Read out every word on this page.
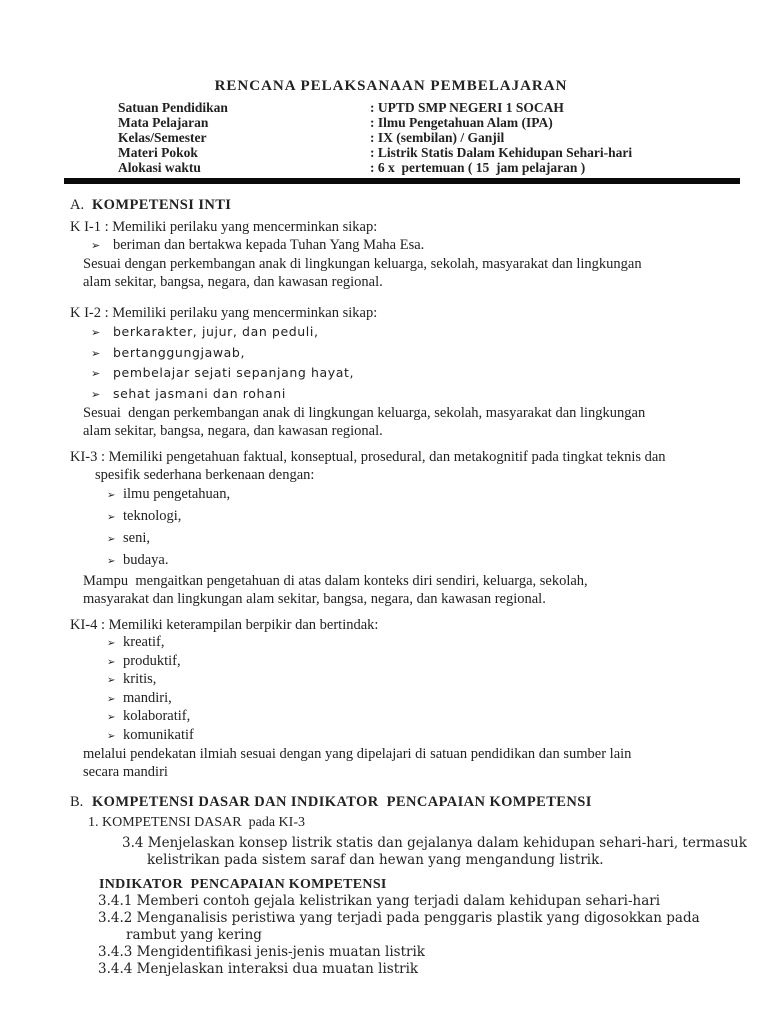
RENCANA PELAKSANAAN PEMBELAJARAN
Satuan Pendidikan	: UPTD SMP NEGERI 1 SOCAH
Mata Pelajaran	: Ilmu Pengetahuan Alam (IPA)
Kelas/Semester	: IX (sembilan) / Ganjil
Materi Pokok	: Listrik Statis Dalam Kehidupan Sehari-hari
Alokasi waktu	: 6 x  pertemuan ( 15  jam pelajaran )
A. KOMPETENSI INTI
K I-1 : Memiliki perilaku yang mencerminkan sikap:
➢ beriman dan bertakwa kepada Tuhan Yang Maha Esa.
Sesuai dengan perkembangan anak di lingkungan keluarga, sekolah, masyarakat dan lingkungan
alam sekitar, bangsa, negara, dan kawasan regional.
K I-2 : Memiliki perilaku yang mencerminkan sikap:
➢ berkarakter, jujur, dan peduli,
➢ bertanggungjawab,
➢ pembelajar sejati sepanjang hayat,
➢ sehat jasmani dan rohani
Sesuai  dengan perkembangan anak di lingkungan keluarga, sekolah, masyarakat dan lingkungan
alam sekitar, bangsa, negara, dan kawasan regional.
KI-3 : Memiliki pengetahuan faktual, konseptual, prosedural, dan metakognitif pada tingkat teknis dan
spesifik sederhana berkenaan dengan:
➢ ilmu pengetahuan,
➢ teknologi,
➢ seni,
➢ budaya.
Mampu  mengaitkan pengetahuan di atas dalam konteks diri sendiri, keluarga, sekolah,
masyarakat dan lingkungan alam sekitar, bangsa, negara, dan kawasan regional.
KI-4 : Memiliki keterampilan berpikir dan bertindak:
➢ kreatif,
➢ produktif,
➢ kritis,
➢ mandiri,
➢ kolaboratif,
➢ komunikatif
melalui pendekatan ilmiah sesuai dengan yang dipelajari di satuan pendidikan dan sumber lain
secara mandiri
B. KOMPETENSI DASAR DAN INDIKATOR  PENCAPAIAN KOMPETENSI
1. KOMPETENSI DASAR  pada KI-3
3.4 Menjelaskan konsep listrik statis dan gejalanya dalam kehidupan sehari-hari, termasuk
kelistrikan pada sistem saraf dan hewan yang mengandung listrik.
INDIKATOR  PENCAPAIAN KOMPETENSI
3.4.1 Memberi contoh gejala kelistrikan yang terjadi dalam kehidupan sehari-hari
3.4.2 Menganalisis peristiwa yang terjadi pada penggaris plastik yang digosokkan pada
rambut yang kering
3.4.3 Mengidentifikasi jenis-jenis muatan listrik
3.4.4 Menjelaskan interaksi dua muatan listrik
